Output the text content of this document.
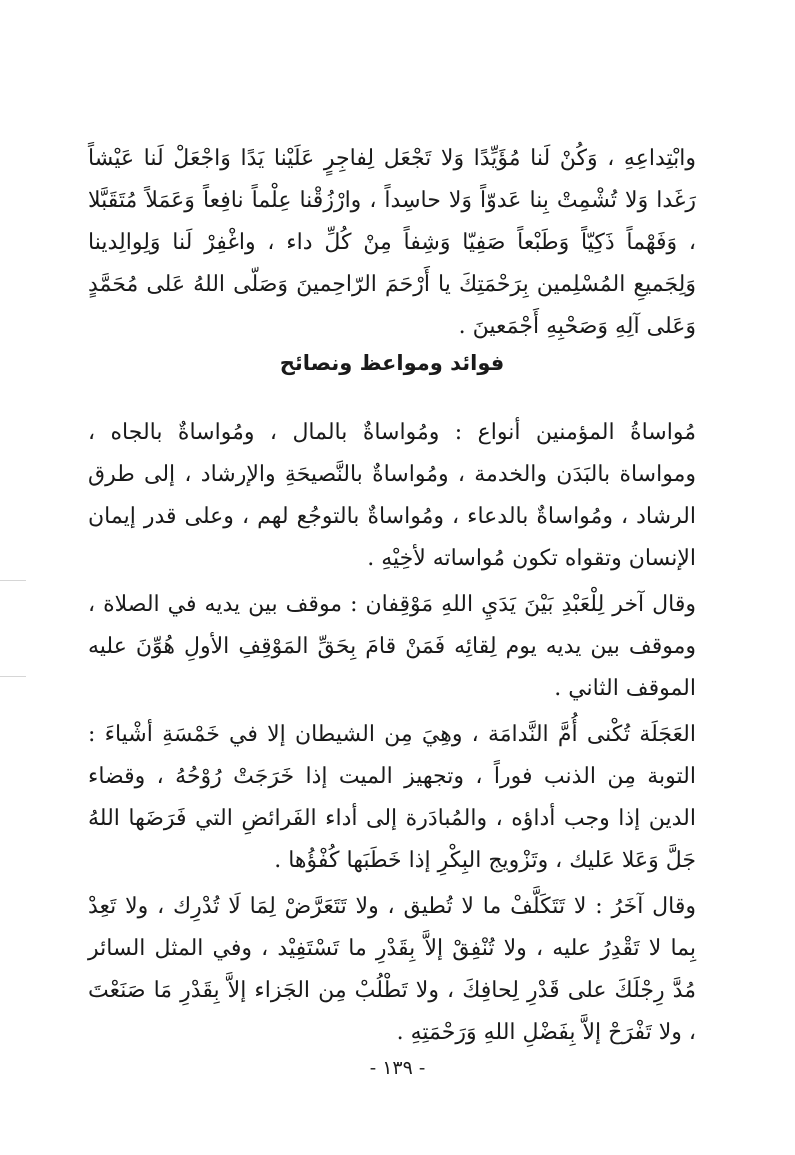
وابْتِداعِهِ ، وَكُنْ لَنا مُؤَيِّدًا وَلا تَجْعَل لِفاجِرٍ عَلَيْنا يَدًا وَاجْعَلْ لَنا عَيْشاً رَغَدا وَلا تُشْمِتْ بِنا عَدوّاً وَلا حاسِداً ، وارْزُقْنا عِلْماً نافِعاً وَعَمَلاً مُتَقَبَّلا ، وَفَهْماً ذَكِيّاً وَطَبْعاً صَفِيّا وَشِفاً مِنْ كُلِّ داء ، واغْفِرْ لَنا وَلِوالِدينا وَلِجَميعِ المُسْلِمين بِرَحْمَتِكَ يا أَرْحَمَ الرّاحِمينَ وَصَلّى اللهُ عَلى مُحَمَّدٍ وَعَلى آلِهِ وَصَحْبِهِ أَجْمَعينَ .

فوائد ومواعظ ونصائح

مُواساةُ المؤمنين أنواع : ومُواساةٌ بالمال ، ومُواساةٌ بالجاه ، ومواساة بالبَدَن والخدمة ، ومُواساةٌ بالنَّصيحَةِ والإرشاد ، إلى طرق الرشاد ، ومُواساةٌ بالدعاء ، ومُواساةٌ بالتوجُع لهم ، وعلى قدر إيمان الإنسان وتقواه تكون مُواساته لأخِيْهِ .

وقال آخر لِلْعَبْدِ بَيْنَ يَدَيِ اللهِ مَوْقِفان : موقف بين يديه في الصلاة ، وموقف بين يديه يوم لِقائِه فَمَنْ قامَ بِحَقِّ المَوْقِفِ الأولِ هُوِّنَ عليه الموقف الثاني .

العَجَلَة تُكْنى أُمَّ النَّدامَة ، وهِيَ مِن الشيطان إلا في خَمْسَةِ أشْياءَ : التوبة مِن الذنب فوراً ، وتجهيز الميت إذا خَرَجَتْ رُوْحُهُ ، وقضاء الدين إذا وجب أداؤه ، والمُبادَرة إلى أداء الفَرائضِ التي فَرَضَها اللهُ جَلَّ وَعَلا عَليك ، وتَزْويج البِكْرِ إذا خَطَبَها كُفْؤُها .

وقال آخَرُ : لا تَتَكَلَّفْ ما لا تُطيق ، ولا تَتَعَرَّضْ لِمَا لَا تُدْرِك ، ولا تَعِدْ بِما لا تَقْدِرُ عليه ، ولا تُنْفِقْ إلاَّ بِقَدْرِ ما تَسْتَفِيْد ، وفي المثل السائر مُدَّ رِجْلَكَ على قَدْرِ لِحافِكَ ، ولا تَطْلُبْ مِن الجَزاء إلاَّ بِقَدْرِ مَا صَنَعْتَ ، ولا تَفْرَحْ إلاَّ بِفَضْلِ اللهِ وَرَحْمَتِهِ .

- ١٣٩ -
